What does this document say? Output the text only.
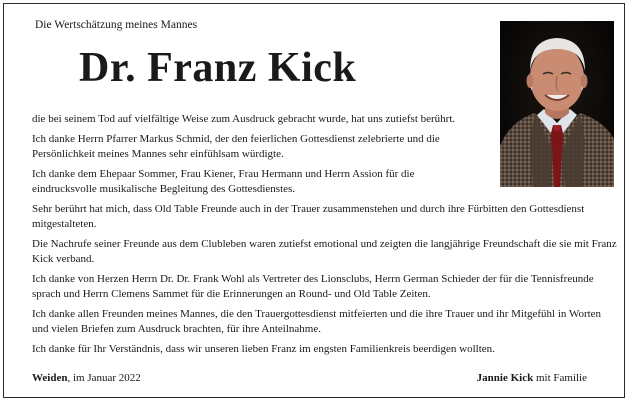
Die Wertschätzung meines Mannes
Dr. Franz Kick

die bei seinem Tod auf vielfältige Weise zum Ausdruck gebracht wurde, hat uns zutiefst berührt.

Ich danke Herrn Pfarrer Markus Schmid, der den feierlichen Gottesdienst zelebrierte und die Persönlichkeit meines Mannes sehr einfühlsam würdigte.

Ich danke dem Ehepaar Sommer, Frau Kiener, Frau Hermann und Herrn Assion für die eindrucksvolle musikalische Begleitung des Gottesdienstes.

Sehr berührt hat mich, dass Old Table Freunde auch in der Trauer zusammenstehen und durch ihre Fürbitten den Gottesdienst mitgestalteten.

Die Nachrufe seiner Freunde aus dem Clubleben waren zutiefst emotional und zeigten die langjährige Freundschaft die sie mit Franz Kick verband.

Ich danke von Herzen Herrn Dr. Dr. Frank Wohl als Vertreter des Lionsclubs, Herrn German Schieder der für die Tennisfreunde sprach und Herrn Clemens Sammet für die Erinnerungen an Round- und Old Table Zeiten.

Ich danke allen Freunden meines Mannes, die den Trauergottesdienst mitfeierten und die ihre Trauer und ihr Mitgefühl in Worten und vielen Briefen zum Ausdruck brachten, für ihre Anteilnahme.

Ich danke für Ihr Verständnis, dass wir unseren lieben Franz im engsten Familienkreis beerdigen wollten.

Weiden, im Januar 2022	Jannie Kick mit Familie
